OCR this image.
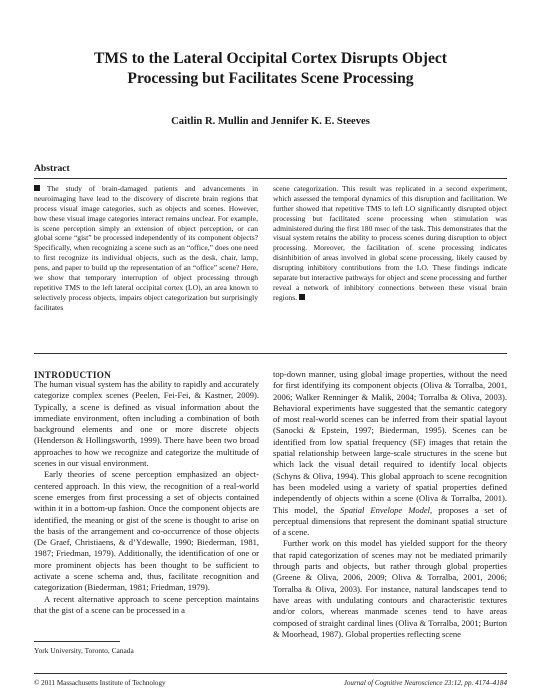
TMS to the Lateral Occipital Cortex Disrupts Object
Processing but Facilitates Scene Processing
Caitlin R. Mullin and Jennifer K. E. Steeves
Abstract

The study of brain-damaged patients and advancements in neuroimaging have lead to the discovery of discrete brain regions that process visual image categories, such as objects and scenes. However, how these visual image categories interact remains unclear. For example, is scene perception simply an extension of object perception, or can global scene “gist” be processed independently of its component objects? Specifically, when recognizing a scene such as an “office,” does one need to first recognize its individual objects, such as the desk, chair, lamp, pens, and paper to build up the representation of an “office” scene? Here, we show that temporary interruption of object processing through repetitive TMS to the left lateral occipital cortex (LO), an area known to selectively process objects, impairs object categorization but surprisingly facilitates

scene categorization. This result was replicated in a second experiment, which assessed the temporal dynamics of this disruption and facilitation. We further showed that repetitive TMS to left LO significantly disrupted object processing but facilitated scene processing when stimulation was administered during the first 180 msec of the task. This demonstrates that the visual system retains the ability to process scenes during disruption to object processing. Moreover, the facilitation of scene processing indicates disinhibition of areas involved in global scene processing, likely caused by disrupting inhibitory contributions from the LO. These findings indicate separate but interactive pathways for object and scene processing and further reveal a network of inhibitory connections between these visual brain regions.

INTRODUCTION

The human visual system has the ability to rapidly and accurately categorize complex scenes (Peelen, Fei-Fei, & Kastner, 2009). Typically, a scene is defined as visual information about the immediate environment, often including a combination of both background elements and one or more discrete objects (Henderson & Hollingsworth, 1999). There have been two broad approaches to how we recognize and categorize the multitude of scenes in our visual environment.

Early theories of scene perception emphasized an object-centered approach. In this view, the recognition of a real-world scene emerges from first processing a set of objects contained within it in a bottom-up fashion. Once the component objects are identified, the meaning or gist of the scene is thought to arise on the basis of the arrangement and co-occurrence of those objects (De Graef, Christiaens, & d’Ydewalle, 1990; Biederman, 1981, 1987; Friedman, 1979). Additionally, the identification of one or more prominent objects has been thought to be sufficient to activate a scene schema and, thus, facilitate recognition and categorization (Biederman, 1981; Friedman, 1979).

A recent alternative approach to scene perception maintains that the gist of a scene can be processed in a

York University, Toronto, Canada

top-down manner, using global image properties, without the need for first identifying its component objects (Oliva & Torralba, 2001, 2006; Walker Renninger & Malik, 2004; Torralba & Oliva, 2003). Behavioral experiments have suggested that the semantic category of most real-world scenes can be inferred from their spatial layout (Sanocki & Epstein, 1997; Biederman, 1995). Scenes can be identified from low spatial frequency (SF) images that retain the spatial relationship between large-scale structures in the scene but which lack the visual detail required to identify local objects (Schyns & Oliva, 1994). This global approach to scene recognition has been modeled using a variety of spatial properties defined independently of objects within a scene (Oliva & Torralba, 2001). This model, the Spatial Envelope Model, proposes a set of perceptual dimensions that represent the dominant spatial structure of a scene.

Further work on this model has yielded support for the theory that rapid categorization of scenes may not be mediated primarily through parts and objects, but rather through global properties (Greene & Oliva, 2006, 2009; Oliva & Torralba, 2001, 2006; Torralba & Oliva, 2003). For instance, natural landscapes tend to have areas with undulating contours and characteristic textures and/or colors, whereas manmade scenes tend to have areas composed of straight cardinal lines (Oliva & Torralba, 2001; Burton & Moorhead, 1987). Global properties reflecting scene

© 2011 Massachusetts Institute of Technology	Journal of Cognitive Neuroscience 23:12, pp. 4174–4184
